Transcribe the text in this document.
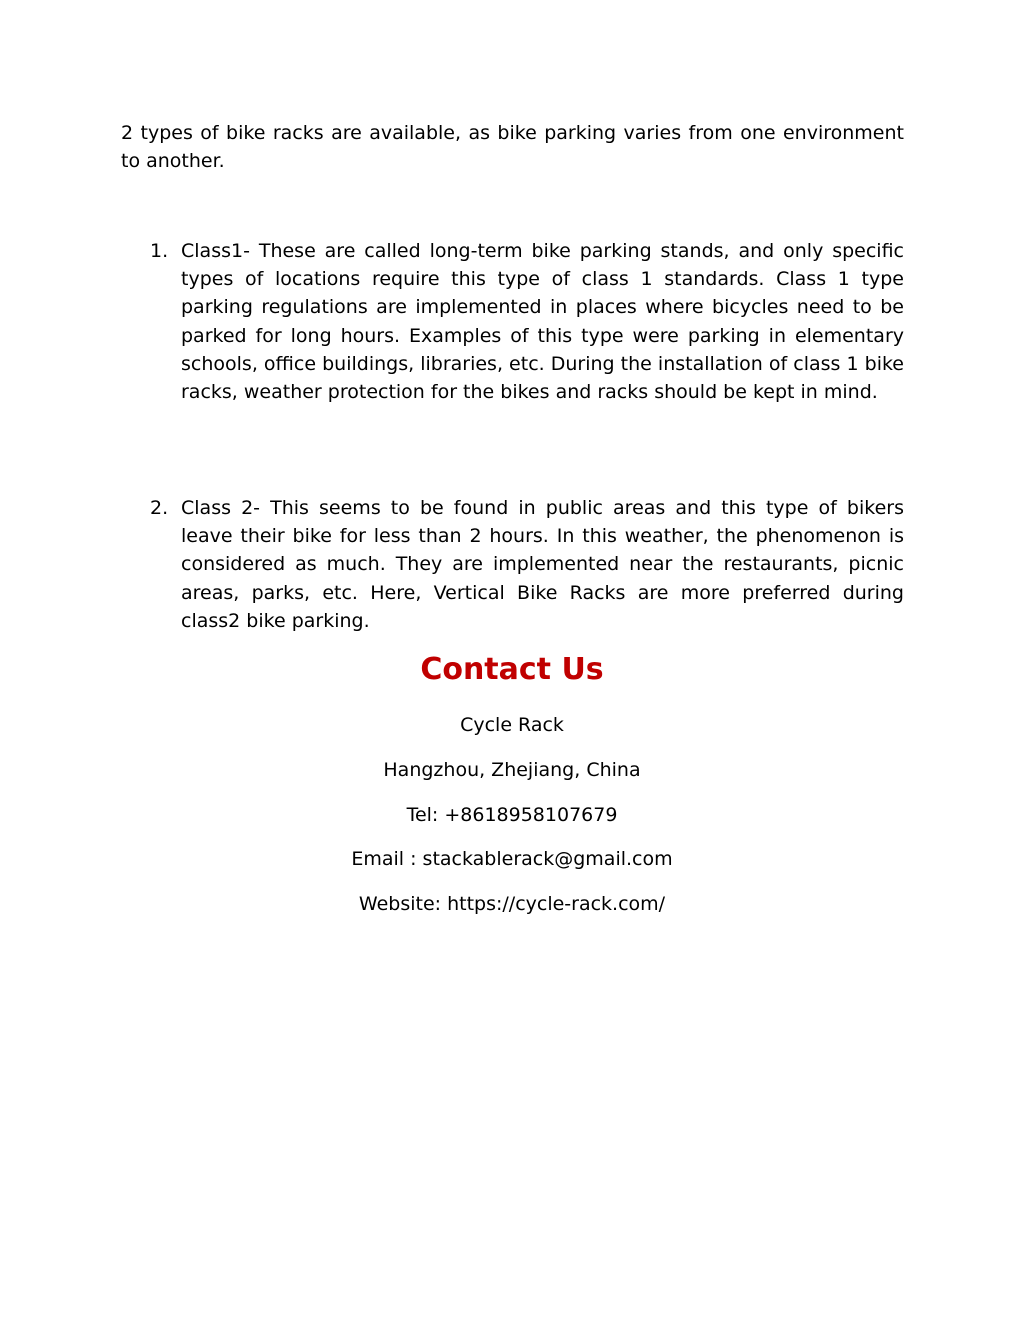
2 types of bike racks are available, as bike parking varies from one environment to another.

1. Class1- These are called long-term bike parking stands, and only specific types of locations require this type of class 1 standards. Class 1 type parking regulations are implemented in places where bicycles need to be parked for long hours. Examples of this type were parking in elementary schools, office buildings, libraries, etc. During the installation of class 1 bike racks, weather protection for the bikes and racks should be kept in mind.
2. Class 2- This seems to be found in public areas and this type of bikers leave their bike for less than 2 hours. In this weather, the phenomenon is considered as much. They are implemented near the restaurants, picnic areas, parks, etc. Here, Vertical Bike Racks are more preferred during class2 bike parking.
Contact Us

Cycle Rack

Hangzhou, Zhejiang, China

Tel: +8618958107679

Email : stackablerack@gmail.com

Website: https://cycle-rack.com/
